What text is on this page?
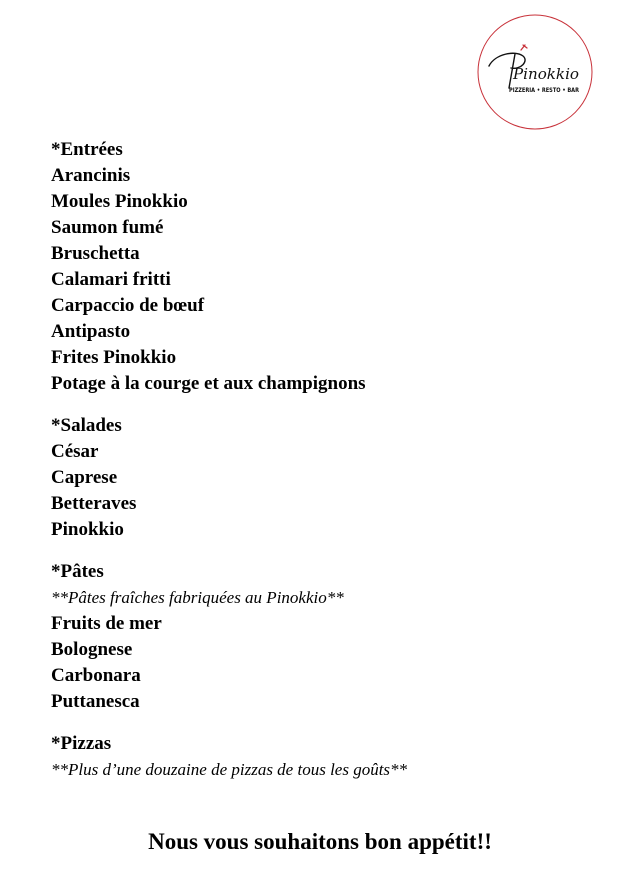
Pinokkio
PIZZERIA • RESTO • BAR
*Entrées
Arancinis
Moules Pinokkio
Saumon fumé
Bruschetta
Calamari fritti
Carpaccio de bœuf
Antipasto
Frites Pinokkio
Potage à la courge et aux champignons
*Salades
César
Caprese
Betteraves
Pinokkio
*Pâtes
**Pâtes fraîches fabriquées au Pinokkio**
Fruits de mer
Bolognese
Carbonara
Puttanesca
*Pizzas
**Plus d’une douzaine de pizzas de tous les goûts**
Nous vous souhaitons bon appétit!!
